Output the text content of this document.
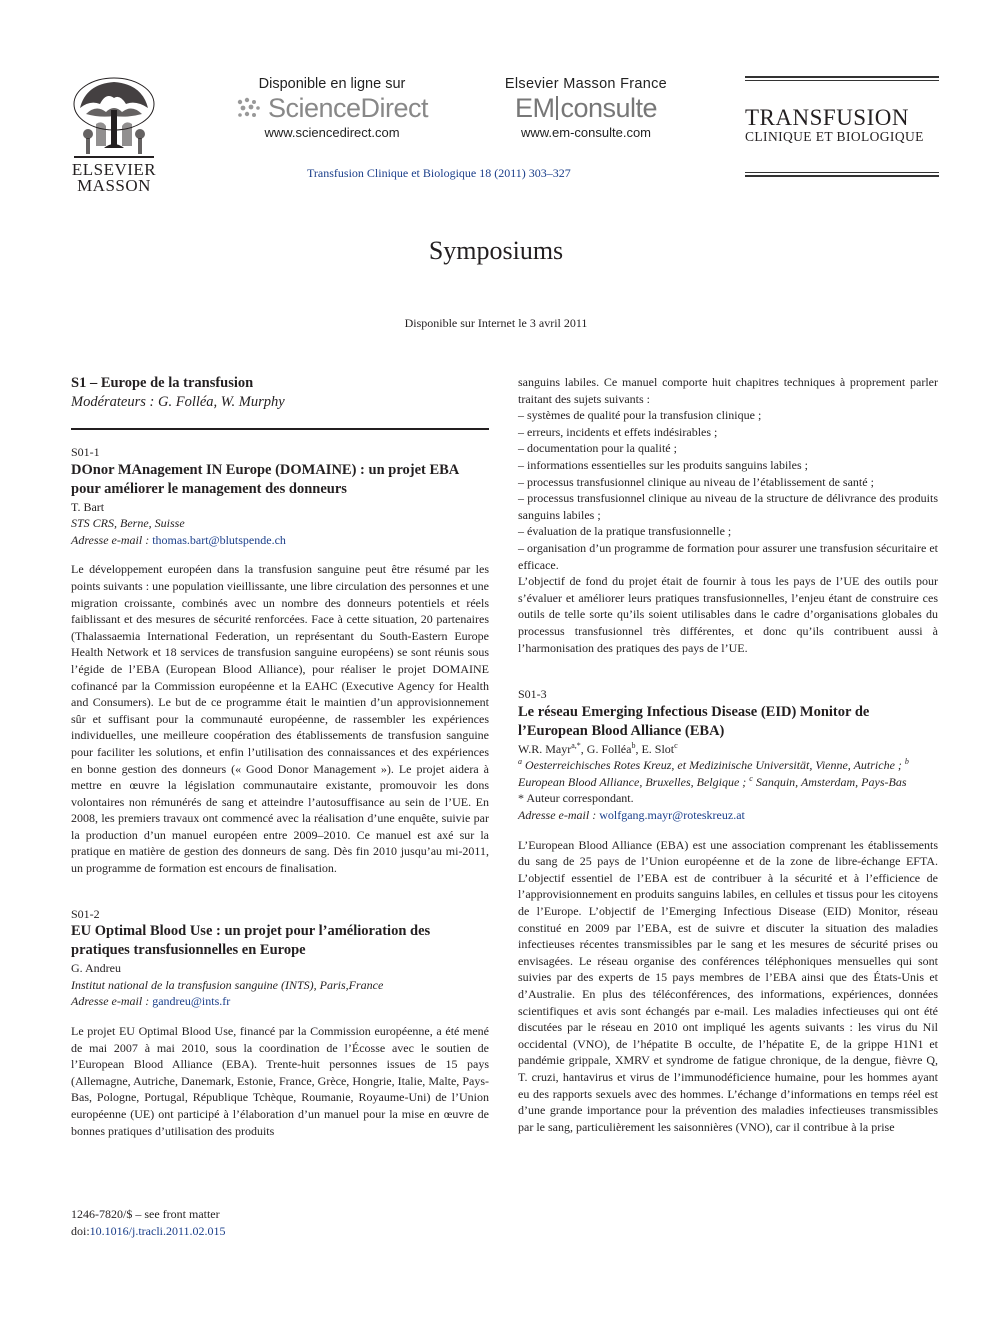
ELSEVIER
MASSON
Disponible en ligne sur
ScienceDirect
www.sciencedirect.com
Elsevier Masson France
EM consulte
www.em-consulte.com
Transfusion Clinique et Biologique 18 (2011) 303–327
TRANSFUSION
CLINIQUE ET BIOLOGIQUE
Symposiums
Disponible sur Internet le 3 avril 2011
S1 – Europe de la transfusion
Modérateurs : G. Folléa, W. Murphy
S01-1
DOnor MAnagement IN Europe (DOMAINE) : un projet EBA pour améliorer le management des donneurs
T. Bart
STS CRS, Berne, Suisse
Adresse e-mail : thomas.bart@blutspende.ch
Le développement européen dans la transfusion sanguine peut être résumé par les points suivants : une population vieillissante, une libre circulation des personnes et une migration croissante, combinés avec un nombre des donneurs potentiels et réels faiblissant et des mesures de sécurité renforcées. Face à cette situation, 20 partenaires (Thalassaemia International Federation, un représentant du South-Eastern Europe Health Network et 18 services de transfusion sanguine européens) se sont réunis sous l’égide de l’EBA (European Blood Alliance), pour réaliser le projet DOMAINE cofinancé par la Commission européenne et la EAHC (Executive Agency for Health and Consumers). Le but de ce programme était le maintien d’un approvisionnement sûr et suffisant pour la communauté européenne, de rassembler les expériences individuelles, une meilleure coopération des établissements de transfusion sanguine pour faciliter les solutions, et enfin l’utilisation des connaissances et des expériences en bonne gestion des donneurs (« Good Donor Management »). Le projet aidera à mettre en œuvre la législation communautaire existante, promouvoir les dons volontaires non rémunérés de sang et atteindre l’autosuffisance au sein de l’UE. En 2008, les premiers travaux ont commencé avec la réalisation d’une enquête, suivie par la production d’un manuel européen entre 2009–2010. Ce manuel est axé sur la pratique en matière de gestion des donneurs de sang. Dès fin 2010 jusqu’au mi-2011, un programme de formation est encours de finalisation.
S01-2
EU Optimal Blood Use : un projet pour l’amélioration des pratiques transfusionnelles en Europe
G. Andreu
Institut national de la transfusion sanguine (INTS), Paris,France
Adresse e-mail : gandreu@ints.fr
Le projet EU Optimal Blood Use, financé par la Commission européenne, a été mené de mai 2007 à mai 2010, sous la coordination de l’Écosse avec le soutien de l’European Blood Alliance (EBA). Trente-huit personnes issues de 15 pays (Allemagne, Autriche, Danemark, Estonie, France, Grèce, Hongrie, Italie, Malte, Pays-Bas, Pologne, Portugal, République Tchèque, Roumanie, Royaume-Uni) de l’Union européenne (UE) ont participé à l’élaboration d’un manuel pour la mise en œuvre de bonnes pratiques d’utilisation des produits
sanguins labiles. Ce manuel comporte huit chapitres techniques à proprement parler traitant des sujets suivants :
– systèmes de qualité pour la transfusion clinique ;
– erreurs, incidents et effets indésirables ;
– documentation pour la qualité ;
– informations essentielles sur les produits sanguins labiles ;
– processus transfusionnel clinique au niveau de l’établissement de santé ;
– processus transfusionnel clinique au niveau de la structure de délivrance des produits sanguins labiles ;
– évaluation de la pratique transfusionnelle ;
– organisation d’un programme de formation pour assurer une transfusion sécuritaire et efficace.
L’objectif de fond du projet était de fournir à tous les pays de l’UE des outils pour s’évaluer et améliorer leurs pratiques transfusionnelles, l’enjeu étant de construire ces outils de telle sorte qu’ils soient utilisables dans le cadre d’organisations globales du processus transfusionnel très différentes, et donc qu’ils contribuent aussi à l’harmonisation des pratiques des pays de l’UE.
S01-3
Le réseau Emerging Infectious Disease (EID) Monitor de l’European Blood Alliance (EBA)
W.R. Mayr$^{a,*}$, G. Folléa$^b$, E. Slot$^c$
$^a$ Oesterreichisches Rotes Kreuz, et Medizinische Universität, Vienne, Autriche ; $^b$ European Blood Alliance, Bruxelles, Belgique ; $^c$ Sanquin, Amsterdam, Pays-Bas
* Auteur correspondant.
Adresse e-mail : wolfgang.mayr@roteskreuz.at
L’European Blood Alliance (EBA) est une association comprenant les établissements du sang de 25 pays de l’Union européenne et de la zone de libre-échange EFTA. L’objectif essentiel de l’EBA est de contribuer à la sécurité et à l’efficience de l’approvisionnement en produits sanguins labiles, en cellules et tissus pour les citoyens de l’Europe. L’objectif de l’Emerging Infectious Disease (EID) Monitor, réseau constitué en 2009 par l’EBA, est de suivre et discuter la situation des maladies infectieuses récentes transmissibles par le sang et les mesures de sécurité prises ou envisagées. Le réseau organise des conférences téléphoniques mensuelles qui sont suivies par des experts de 15 pays membres de l’EBA ainsi que des États-Unis et d’Australie. En plus des téléconférences, des informations, expériences, données scientifiques et avis sont échangés par e-mail. Les maladies infectieuses qui ont été discutées par le réseau en 2010 ont impliqué les agents suivants : les virus du Nil occidental (VNO), de l’hépatite B occulte, de l’hépatite E, de la grippe H1N1 et pandémie grippale, XMRV et syndrome de fatigue chronique, de la dengue, fièvre Q, T. cruzi, hantavirus et virus de l’immunodéficience humaine, pour les hommes ayant eu des rapports sexuels avec des hommes. L’échange d’informations en temps réel est d’une grande importance pour la prévention des maladies infectieuses transmissibles par le sang, particulièrement les saisonnières (VNO), car il contribue à la prise
1246-7820/$ – see front matter
doi:10.1016/j.tracli.2011.02.015
